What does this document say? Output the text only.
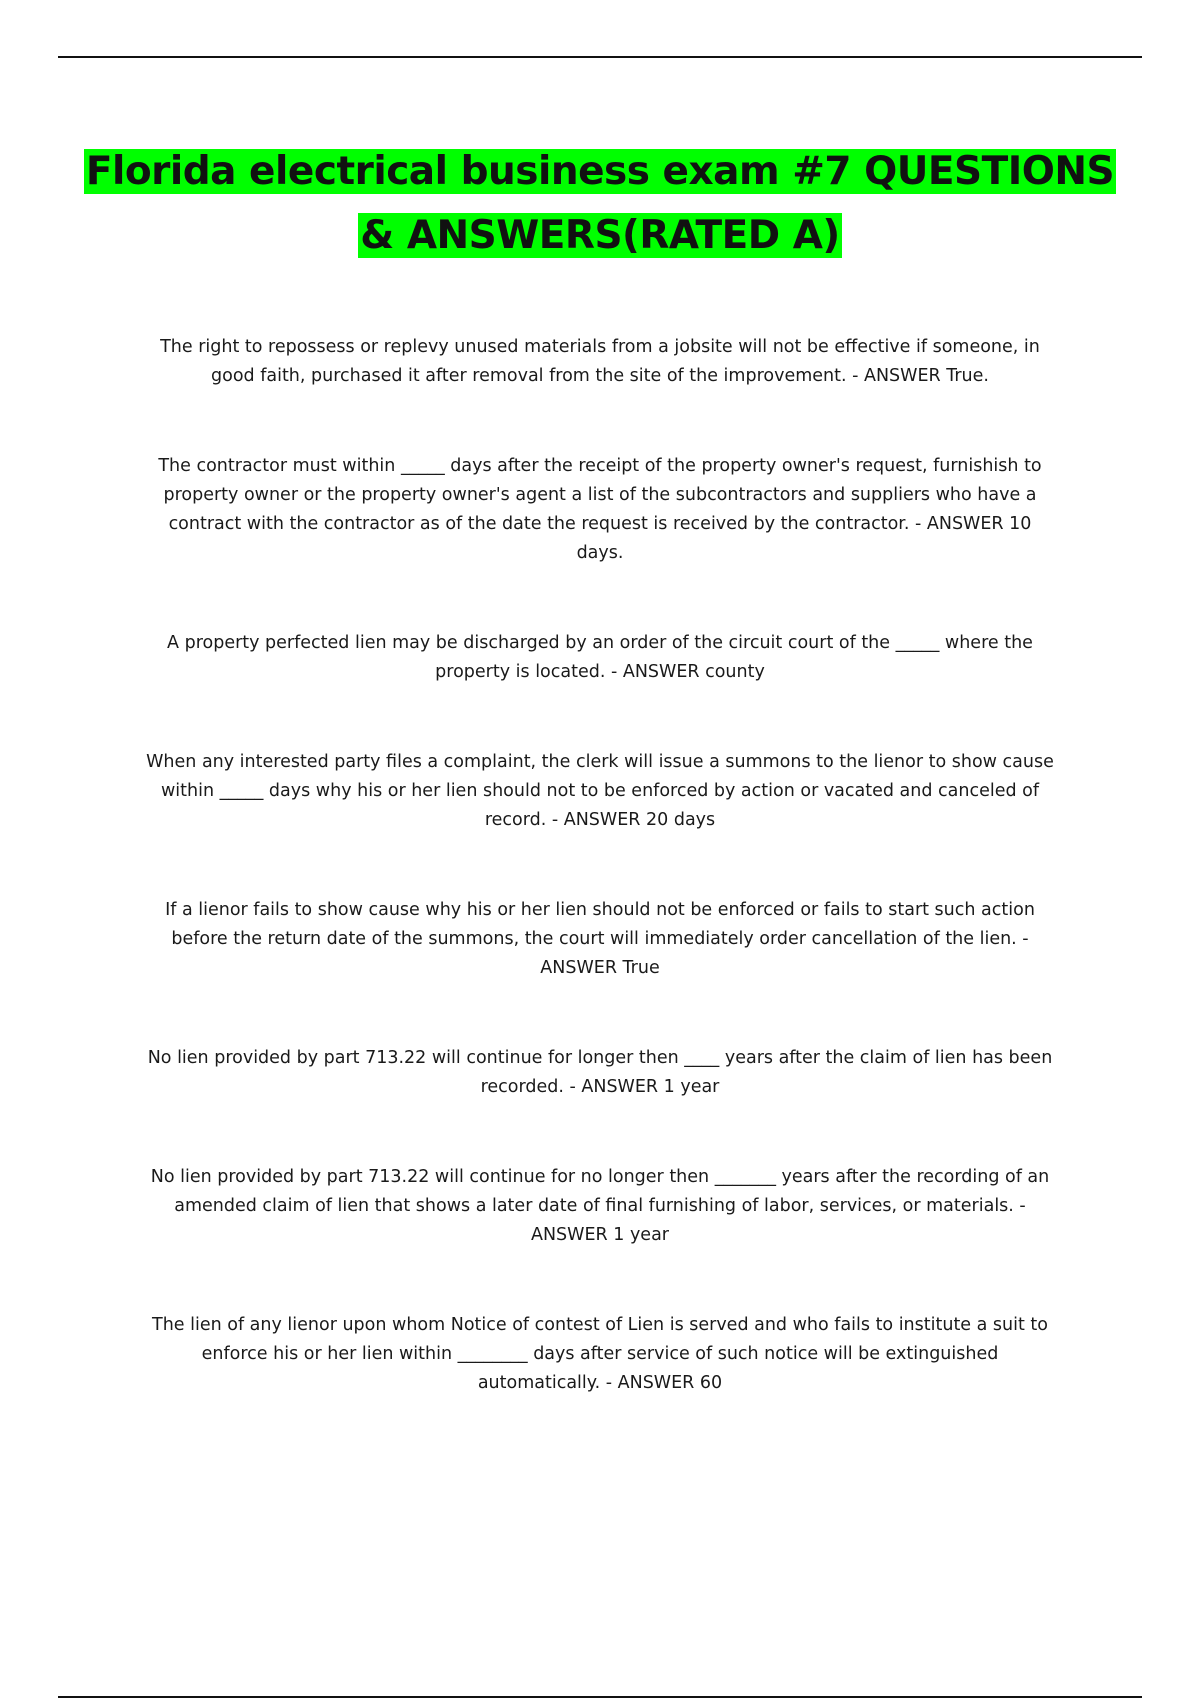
Florida electrical business exam #7 QUESTIONS
& ANSWERS(RATED A)

The right to repossess or replevy unused materials from a jobsite will not be effective if someone, in good faith, purchased it after removal from the site of the improvement. - ANSWER True.

The contractor must within _____ days after the receipt of the property owner's request, furnishish to property owner or the property owner's agent a list of the subcontractors and suppliers who have a contract with the contractor as of the date the request is received by the contractor. - ANSWER 10 days.

A property perfected lien may be discharged by an order of the circuit court of the _____ where the property is located. - ANSWER county

When any interested party files a complaint, the clerk will issue a summons to the lienor to show cause within _____ days why his or her lien should not to be enforced by action or vacated and canceled of record. - ANSWER 20 days

If a lienor fails to show cause why his or her lien should not be enforced or fails to start such action before the return date of the summons, the court will immediately order cancellation of the lien. - ANSWER True

No lien provided by part 713.22 will continue for longer then ____ years after the claim of lien has been recorded. - ANSWER 1 year

No lien provided by part 713.22 will continue for no longer then _______ years after the recording of an amended claim of lien that shows a later date of final furnishing of labor, services, or materials. - ANSWER 1 year

The lien of any lienor upon whom Notice of contest of Lien is served and who fails to institute a suit to enforce his or her lien within ________ days after service of such notice will be extinguished automatically. - ANSWER 60
